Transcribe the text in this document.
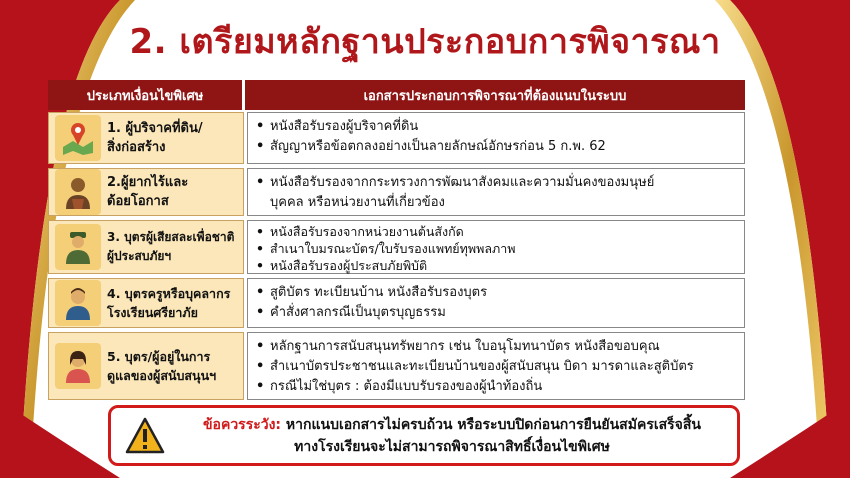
2. เตรียมหลักฐานประกอบการพิจารณา
ประเภทเงื่อนไขพิเศษ	เอกสารประกอบการพิจารณาที่ต้องแนบในระบบ
1. ผู้บริจาคที่ดิน/
สิ่งก่อสร้าง
• หนังสือรับรองผู้บริจาคที่ดิน
• สัญญาหรือข้อตกลงอย่างเป็นลายลักษณ์อักษรก่อน 5 ก.พ. 62
2.ผู้ยากไร้และ
ด้อยโอกาส
• หนังสือรับรองจากกระทรวงการพัฒนาสังคมและความมั่นคงของมนุษย์
บุคคล หรือหน่วยงานที่เกี่ยวข้อง
3. บุตรผู้เสียสละเพื่อชาติ
ผู้ประสบภัยฯ
• หนังสือรับรองจากหน่วยงานต้นสังกัด
• สำเนาใบมรณะบัตร/ใบรับรองแพทย์ทุพพลภาพ
• หนังสือรับรองผู้ประสบภัยพิบัติ
4. บุตรครูหรือบุคลากร
โรงเรียนศรียาภัย
• สูติบัตร ทะเบียนบ้าน หนังสือรับรองบุตร
• คำสั่งศาลกรณีเป็นบุตรบุญธรรม
5. บุตร/ผู้อยู่ในการ
ดูแลของผู้สนับสนุนฯ
• หลักฐานการสนับสนุนทรัพยากร เช่น ใบอนุโมทนาบัตร หนังสือขอบคุณ
• สำเนาบัตรประชาชนและทะเบียนบ้านของผู้สนับสนุน บิดา มารดาและสูติบัตร
• กรณีไม่ใช่บุตร : ต้องมีแบบรับรองของผู้นำท้องถิ่น
ข้อควรระวัง: หากแนบเอกสารไม่ครบถ้วน หรือระบบปิดก่อนการยืนยันสมัครเสร็จสิ้น
ทางโรงเรียนจะไม่สามารถพิจารณาสิทธิ์เงื่อนไขพิเศษ
